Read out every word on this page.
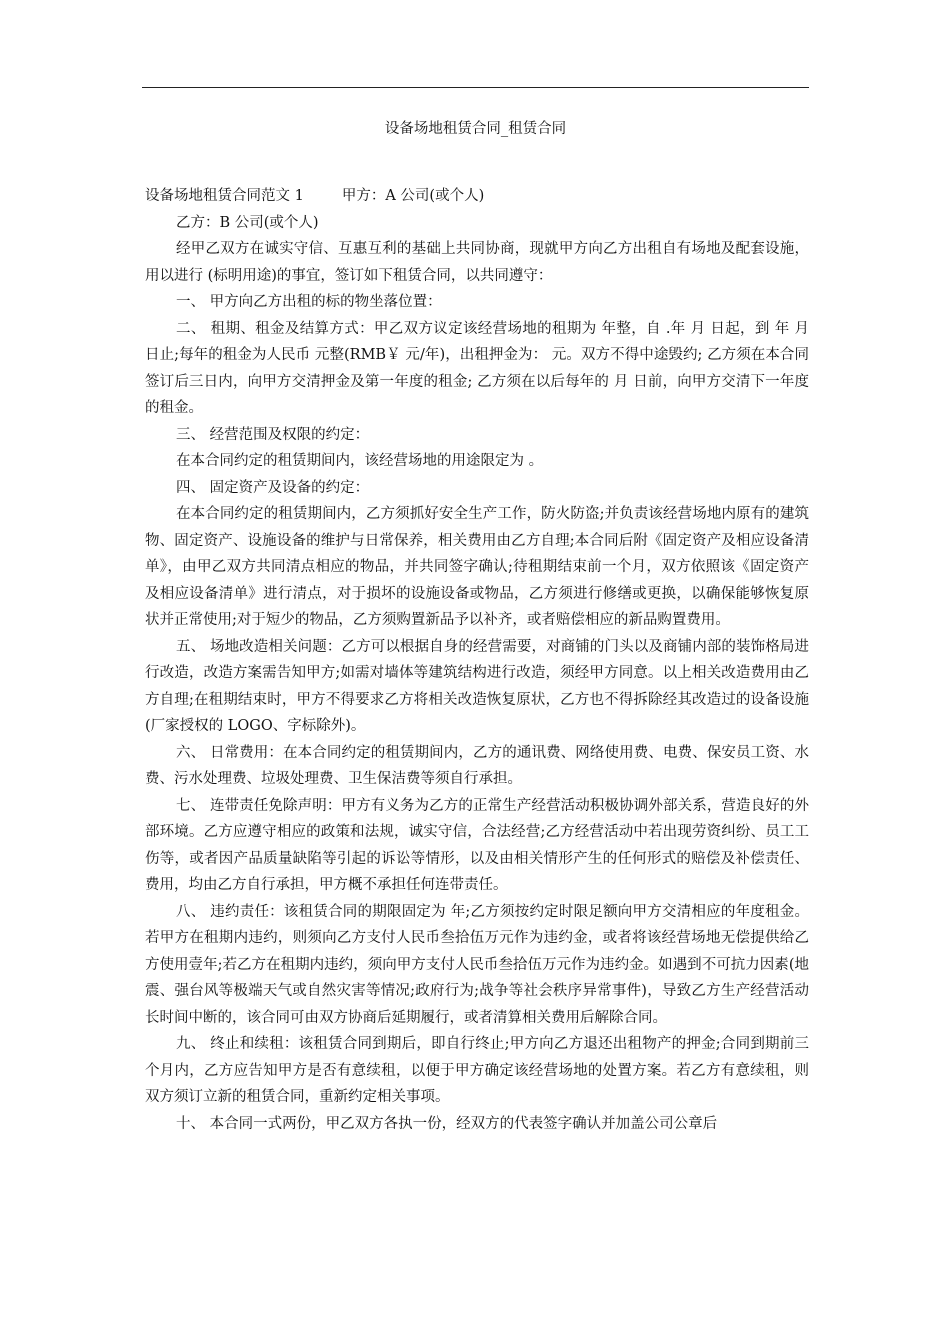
设备场地租赁合同_租赁合同

设备场地租赁合同范文 1	甲方：A 公司(或个人)

乙方：B 公司(或个人)

经甲乙双方在诚实守信、互惠互利的基础上共同协商，现就甲方向乙方出租自有场地及配套设施，用以进行 (标明用途)的事宜，签订如下租赁合同，以共同遵守：

一、 甲方向乙方出租的标的物坐落位置：

二、 租期、租金及结算方式：甲乙双方议定该经营场地的租期为 年整，自 .年 月 日起，到 年 月 日止;每年的租金为人民币 元整(RMB￥ 元/年)，出租押金为： 元。双方不得中途毁约; 乙方须在本合同签订后三日内，向甲方交清押金及第一年度的租金; 乙方须在以后每年的 月 日前，向甲方交清下一年度的租金。

三、 经营范围及权限的约定：

在本合同约定的租赁期间内，该经营场地的用途限定为 。

四、 固定资产及设备的约定：

在本合同约定的租赁期间内，乙方须抓好安全生产工作，防火防盗;并负责该经营场地内原有的建筑物、固定资产、设施设备的维护与日常保养，相关费用由乙方自理;本合同后附《固定资产及相应设备清单》，由甲乙双方共同清点相应的物品，并共同签字确认;待租期结束前一个月，双方依照该《固定资产及相应设备清单》进行清点，对于损坏的设施设备或物品，乙方须进行修缮或更换，以确保能够恢复原状并正常使用;对于短少的物品，乙方须购置新品予以补齐，或者赔偿相应的新品购置费用。

五、 场地改造相关问题：乙方可以根据自身的经营需要，对商铺的门头以及商铺内部的装饰格局进行改造，改造方案需告知甲方;如需对墙体等建筑结构进行改造，须经甲方同意。以上相关改造费用由乙方自理;在租期结束时，甲方不得要求乙方将相关改造恢复原状，乙方也不得拆除经其改造过的设备设施(厂家授权的 LOGO、字标除外)。

六、 日常费用：在本合同约定的租赁期间内，乙方的通讯费、网络使用费、电费、保安员工资、水费、污水处理费、垃圾处理费、卫生保洁费等须自行承担。

七、 连带责任免除声明：甲方有义务为乙方的正常生产经营活动积极协调外部关系，营造良好的外部环境。乙方应遵守相应的政策和法规，诚实守信，合法经营;乙方经营活动中若出现劳资纠纷、员工工伤等，或者因产品质量缺陷等引起的诉讼等情形，以及由相关情形产生的任何形式的赔偿及补偿责任、费用，均由乙方自行承担，甲方概不承担任何连带责任。

八、 违约责任：该租赁合同的期限固定为 年;乙方须按约定时限足额向甲方交清相应的年度租金。若甲方在租期内违约，则须向乙方支付人民币叁拾伍万元作为违约金，或者将该经营场地无偿提供给乙方使用壹年;若乙方在租期内违约，须向甲方支付人民币叁拾伍万元作为违约金。如遇到不可抗力因素(地震、强台风等极端天气或自然灾害等情况;政府行为;战争等社会秩序异常事件)，导致乙方生产经营活动长时间中断的，该合同可由双方协商后延期履行，或者清算相关费用后解除合同。

九、 终止和续租：该租赁合同到期后，即自行终止;甲方向乙方退还出租物产的押金;合同到期前三个月内，乙方应告知甲方是否有意续租，以便于甲方确定该经营场地的处置方案。若乙方有意续租，则双方须订立新的租赁合同，重新约定相关事项。

十、 本合同一式两份，甲乙双方各执一份，经双方的代表签字确认并加盖公司公章后
